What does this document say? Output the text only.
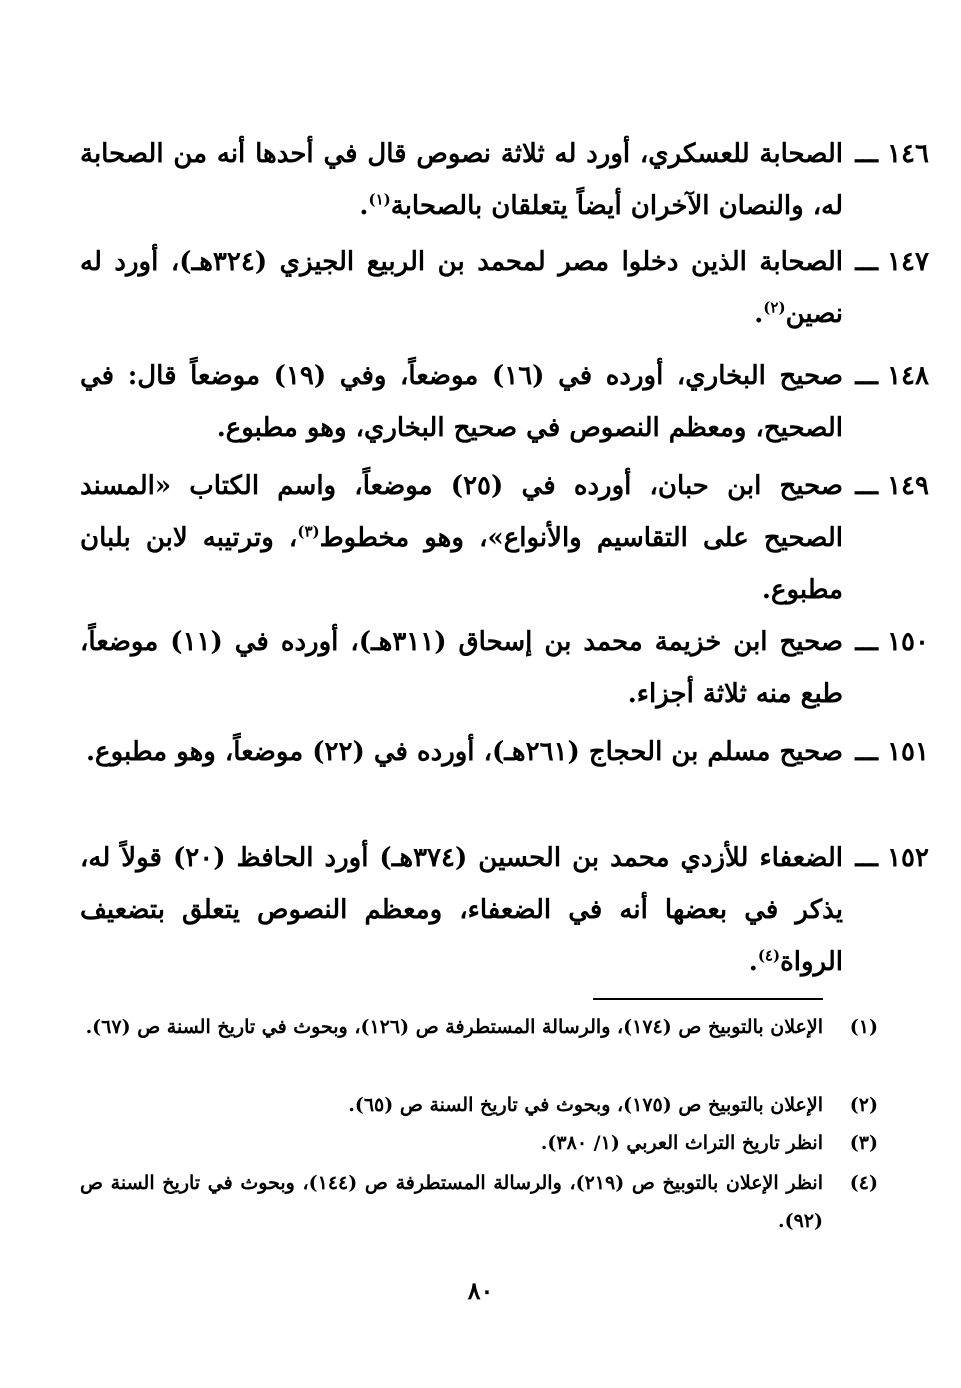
١٤٦ ـــ

الصحابة للعسكري، أورد له ثلاثة نصوص قال في أحدها أنه من الصحابة له، والنصان الآخران أيضاً يتعلقان بالصحابة$^{(١)}$.

١٤٧ ـــ

الصحابة الذين دخلوا مصر لمحمد بن الربيع الجيزي (٣٢٤هـ)، أورد له نصين$^{(٢)}$.

١٤٨ ـــ

صحيح البخاري، أورده في (١٦) موضعاً، وفي (١٩) موضعاً قال: في الصحيح، ومعظم النصوص في صحيح البخاري، وهو مطبوع.

١٤٩ ـــ

صحيح ابن حبان، أورده في (٢٥) موضعاً، واسم الكتاب «المسند الصحيح على التقاسيم والأنواع»، وهو مخطوط$^{(٣)}$، وترتيبه لابن بلبان مطبوع.

١٥٠ ـــ

صحيح ابن خزيمة محمد بن إسحاق (٣١١هـ)، أورده في (١١) موضعاً، طبع منه ثلاثة أجزاء.

١٥١ ـــ

صحيح مسلم بن الحجاج (٢٦١هـ)، أورده في (٢٢) موضعاً، وهو مطبوع.

١٥٢ ـــ

الضعفاء للأزدي محمد بن الحسين (٣٧٤هـ) أورد الحافظ (٢٠) قولاً له، يذكر في بعضها أنه في الضعفاء، ومعظم النصوص يتعلق بتضعيف الرواة$^{(٤)}$.

(١)

الإعلان بالتوبيخ ص (١٧٤)، والرسالة المستطرفة ص (١٢٦)، وبحوث في تاريخ السنة ص (٦٧).

(٢)

الإعلان بالتوبيخ ص (١٧٥)، وبحوث في تاريخ السنة ص (٦٥).

(٣)

انظر تاريخ التراث العربي (١/ ٣٨٠).

(٤)

انظر الإعلان بالتوبيخ ص (٢١٩)، والرسالة المستطرفة ص (١٤٤)، وبحوث في تاريخ السنة ص (٩٢).

٨٠
